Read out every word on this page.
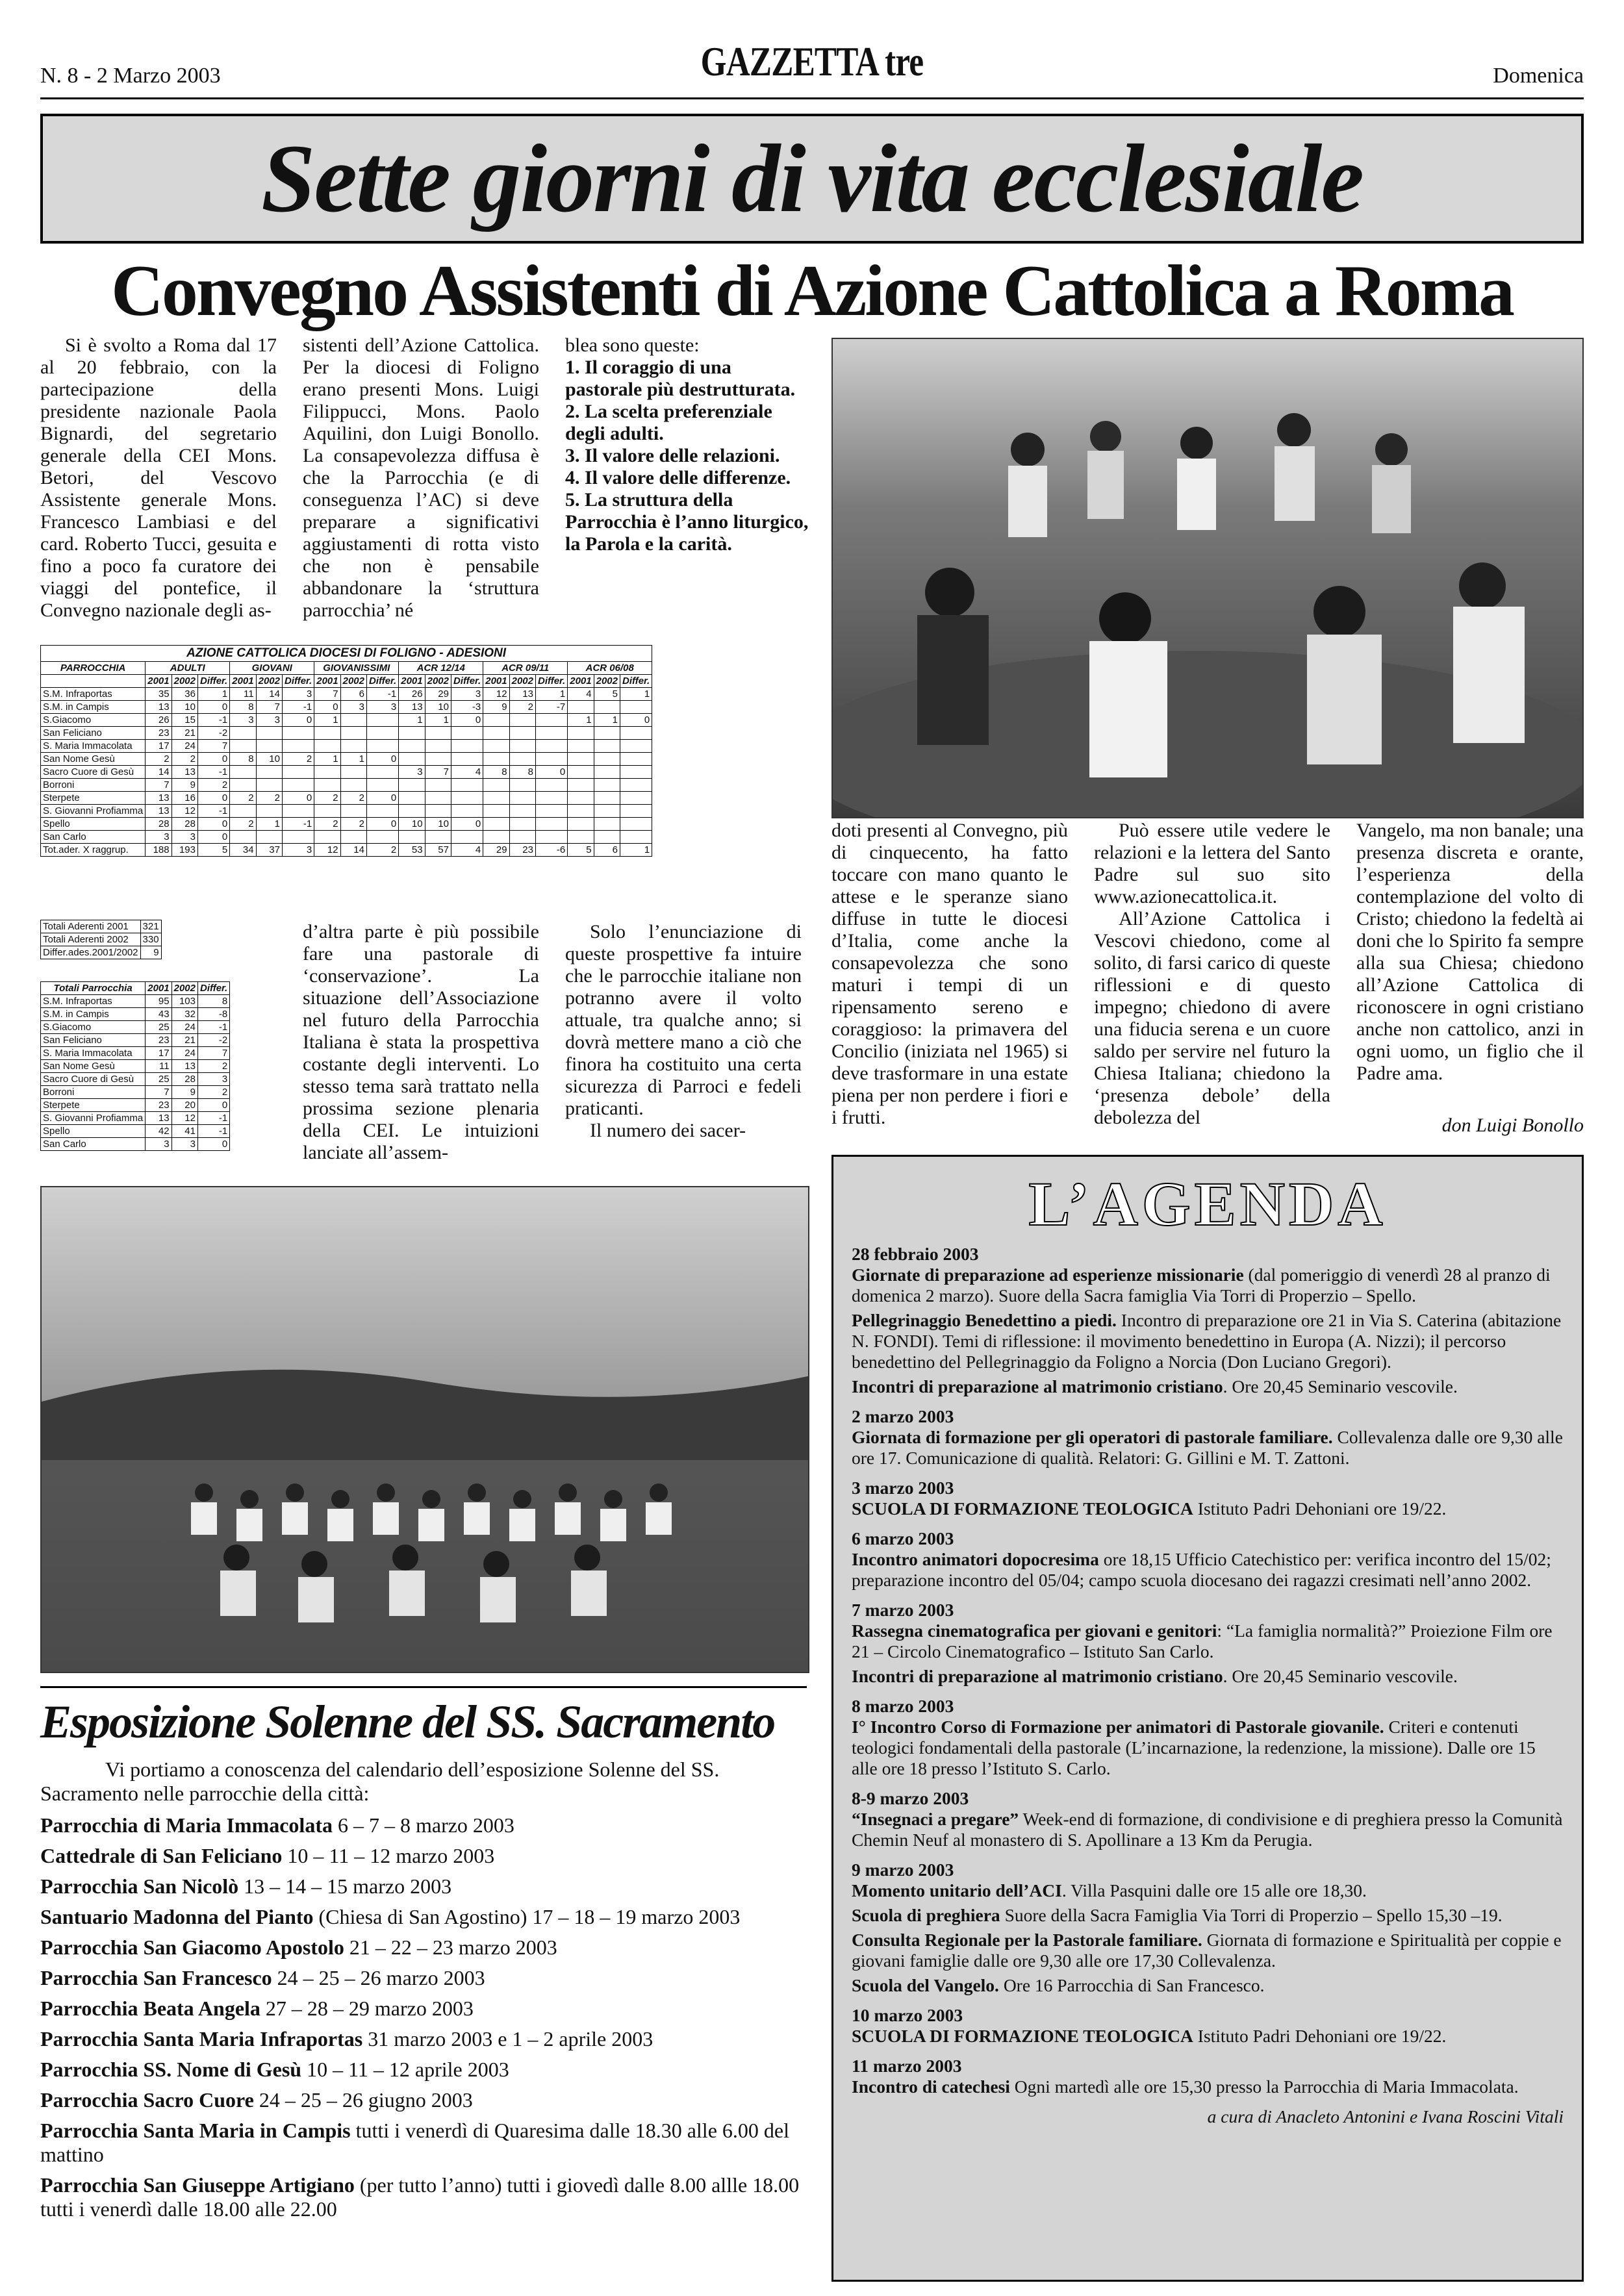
N. 8 - 2 Marzo 2003	GAZZETTA tre	Domenica
Sette giorni di vita ecclesiale
Convegno Assistenti di Azione Cattolica a Roma

Si è svolto a Roma dal 17 al 20 febbraio, con la partecipazione della presidente nazionale Paola Bignardi, del segretario generale della CEI Mons. Betori, del Vescovo Assistente generale Mons. Francesco Lambiasi e del card. Roberto Tucci, gesuita e fino a poco fa curatore dei viaggi del pontefice, il Convegno nazionale degli as-

sistenti dell’Azione Cattolica. Per la diocesi di Foligno erano presenti Mons. Luigi Filippucci, Mons. Paolo Aquilini, don Luigi Bonollo. La consapevolezza diffusa è che la Parrocchia (e di conseguenza l’AC) si deve preparare a significativi aggiustamenti di rotta visto che non è pensabile abbandonare la ‘struttura parrocchia’ né

blea sono queste:
1. Il coraggio di una pastorale più destrutturata.
2. La scelta preferenziale degli adulti.
3. Il valore delle relazioni.
4. Il valore delle differenze.
5. La struttura della Parrocchia è l’anno liturgico, la Parola e la carità.
AZIONE CATTOLICA DIOCESI DI FOLIGNO - ADESIONI																		
PARROCCHIA	ADULTI			GIOVANI			GIOVANISSIMI			ACR 12/14			ACR 09/11			ACR 06/08		
	2001	2002	Differ.	2001	2002	Differ.	2001	2002	Differ.	2001	2002	Differ.	2001	2002	Differ.	2001	2002	Differ.
S.M. Infraportas	35	36	1	11	14	3	7	6	-1	26	29	3	12	13	1	4	5	1
S.M. in Campis	13	10	0	8	7	-1	0	3	3	13	10	-3	9	2	-7			
S.Giacomo	26	15	-1	3	3	0	1			1	1	0				1	1	0
San Feliciano	23	21	-2															
S. Maria Immacolata	17	24	7															
San Nome Gesù	2	2	0	8	10	2	1	1	0									
Sacro Cuore di Gesù	14	13	-1							3	7	4	8	8	0			
Borroni	7	9	2															
Sterpete	13	16	0	2	2	0	2	2	0									
S. Giovanni Profiamma	13	12	-1															
Spello	28	28	0	2	1	-1	2	2	0	10	10	0						
San Carlo	3	3	0															
Tot.ader. X raggrup.	188	193	5	34	37	3	12	14	2	53	57	4	29	23	-6	5	6	1
Totali Aderenti 2001	321
Totali Aderenti 2002	330
Differ.ades.2001/2002	9
Totali Parrocchia	2001	2002	Differ.
S.M. Infraportas	95	103	8
S.M. in Campis	43	32	-8
S.Giacomo	25	24	-1
San Feliciano	23	21	-2
S. Maria Immacolata	17	24	7
San Nome Gesù	11	13	2
Sacro Cuore di Gesù	25	28	3
Borroni	7	9	2
Sterpete	23	20	0
S. Giovanni Profiamma	13	12	-1
Spello	42	41	-1
San Carlo	3	3	0

d’altra parte è più possibile fare una pastorale di ‘conservazione’. La situazione dell’Associazione nel futuro della Parrocchia Italiana è stata la prospettiva costante degli interventi. Lo stesso tema sarà trattato nella prossima sezione plenaria della CEI. Le intuizioni lanciate all’assem-

Solo l’enunciazione di queste prospettive fa intuire che le parrocchie italiane non potranno avere il volto attuale, tra qualche anno; si dovrà mettere mano a ciò che finora ha costituito una certa sicurezza di Parroci e fedeli praticanti.

Il numero dei sacer-

doti presenti al Convegno, più di cinquecento, ha fatto toccare con mano quanto le attese e le speranze siano diffuse in tutte le diocesi d’Italia, come anche la consapevolezza che sono maturi i tempi di un ripensamento sereno e coraggioso: la primavera del Concilio (iniziata nel 1965) si deve trasformare in una estate piena per non perdere i fiori e i frutti.

Può essere utile vedere le relazioni e la lettera del Santo Padre sul suo sito www.azionecattolica.it.

All’Azione Cattolica i Vescovi chiedono, come al solito, di farsi carico di queste riflessioni e di questo impegno; chiedono di avere una fiducia serena e un cuore saldo per servire nel futuro la Chiesa Italiana; chiedono la ‘presenza debole’ della debolezza del

Vangelo, ma non banale; una presenza discreta e orante, l’esperienza della contemplazione del volto di Cristo; chiedono la fedeltà ai doni che lo Spirito fa sempre alla sua Chiesa; chiedono all’Azione Cattolica di riconoscere in ogni cristiano anche non cattolico, anzi in ogni uomo, un figlio che il Padre ama.

don Luigi Bonollo
Esposizione Solenne del SS. Sacramento

Vi portiamo a conoscenza del calendario dell’esposizione Solenne del SS. Sacramento nelle parrocchie della città:

Parrocchia di Maria Immacolata 6 – 7 – 8 marzo 2003

Cattedrale di San Feliciano 10 – 11 – 12 marzo 2003

Parrocchia San Nicolò 13 – 14 – 15 marzo 2003

Santuario Madonna del Pianto (Chiesa di San Agostino) 17 – 18 – 19 marzo 2003

Parrocchia San Giacomo Apostolo 21 – 22 – 23 marzo 2003

Parrocchia San Francesco 24 – 25 – 26 marzo 2003

Parrocchia Beata Angela 27 – 28 – 29 marzo 2003

Parrocchia Santa Maria Infraportas 31 marzo 2003 e 1 – 2 aprile 2003

Parrocchia SS. Nome di Gesù 10 – 11 – 12 aprile 2003

Parrocchia Sacro Cuore 24 – 25 – 26 giugno 2003

Parrocchia Santa Maria in Campis tutti i venerdì di Quaresima dalle 18.30 alle 6.00 del mattino

Parrocchia San Giuseppe Artigiano (per tutto l’anno) tutti i giovedì dalle 8.00 allle 18.00 tutti i venerdì dalle 18.00 alle 22.00

L’AGENDA
28 febbraio 2003

Giornate di preparazione ad esperienze missionarie (dal pomeriggio di venerdì 28 al pranzo di domenica 2 marzo). Suore della Sacra famiglia Via Torri di Properzio – Spello.

Pellegrinaggio Benedettino a piedi. Incontro di preparazione ore 21 in Via S. Caterina (abitazione N. FONDI). Temi di riflessione: il movimento benedettino in Europa (A. Nizzi); il percorso benedettino del Pellegrinaggio da Foligno a Norcia (Don Luciano Gregori).

Incontri di preparazione al matrimonio cristiano. Ore 20,45 Seminario vescovile.

2 marzo 2003

Giornata di formazione per gli operatori di pastorale familiare. Collevalenza dalle ore 9,30 alle ore 17. Comunicazione di qualità. Relatori: G. Gillini e M. T. Zattoni.

3 marzo 2003

SCUOLA DI FORMAZIONE TEOLOGICA Istituto Padri Dehoniani ore 19/22.

6 marzo 2003

Incontro animatori dopocresima ore 18,15 Ufficio Catechistico per: verifica incontro del 15/02; preparazione incontro del 05/04; campo scuola diocesano dei ragazzi cresimati nell’anno 2002.

7 marzo 2003

Rassegna cinematografica per giovani e genitori: “La famiglia normalità?” Proiezione Film ore 21 – Circolo Cinematografico – Istituto San Carlo.

Incontri di preparazione al matrimonio cristiano. Ore 20,45 Seminario vescovile.

8 marzo 2003

I° Incontro Corso di Formazione per animatori di Pastorale giovanile. Criteri e contenuti teologici fondamentali della pastorale (L’incarnazione, la redenzione, la missione). Dalle ore 15 alle ore 18 presso l’Istituto S. Carlo.

8-9 marzo 2003

“Insegnaci a pregare” Week-end di formazione, di condivisione e di preghiera presso la Comunità Chemin Neuf al monastero di S. Apollinare a 13 Km da Perugia.

9 marzo 2003

Momento unitario dell’ACI. Villa Pasquini dalle ore 15 alle ore 18,30.

Scuola di preghiera Suore della Sacra Famiglia Via Torri di Properzio – Spello 15,30 –19.

Consulta Regionale per la Pastorale familiare. Giornata di formazione e Spiritualità per coppie e giovani famiglie dalle ore 9,30 alle ore 17,30 Collevalenza.

Scuola del Vangelo. Ore 16 Parrocchia di San Francesco.

10 marzo 2003

SCUOLA DI FORMAZIONE TEOLOGICA Istituto Padri Dehoniani ore 19/22.

11 marzo 2003

Incontro di catechesi Ogni martedì alle ore 15,30 presso la Parrocchia di Maria Immacolata.

a cura di Anacleto Antonini e Ivana Roscini Vitali
